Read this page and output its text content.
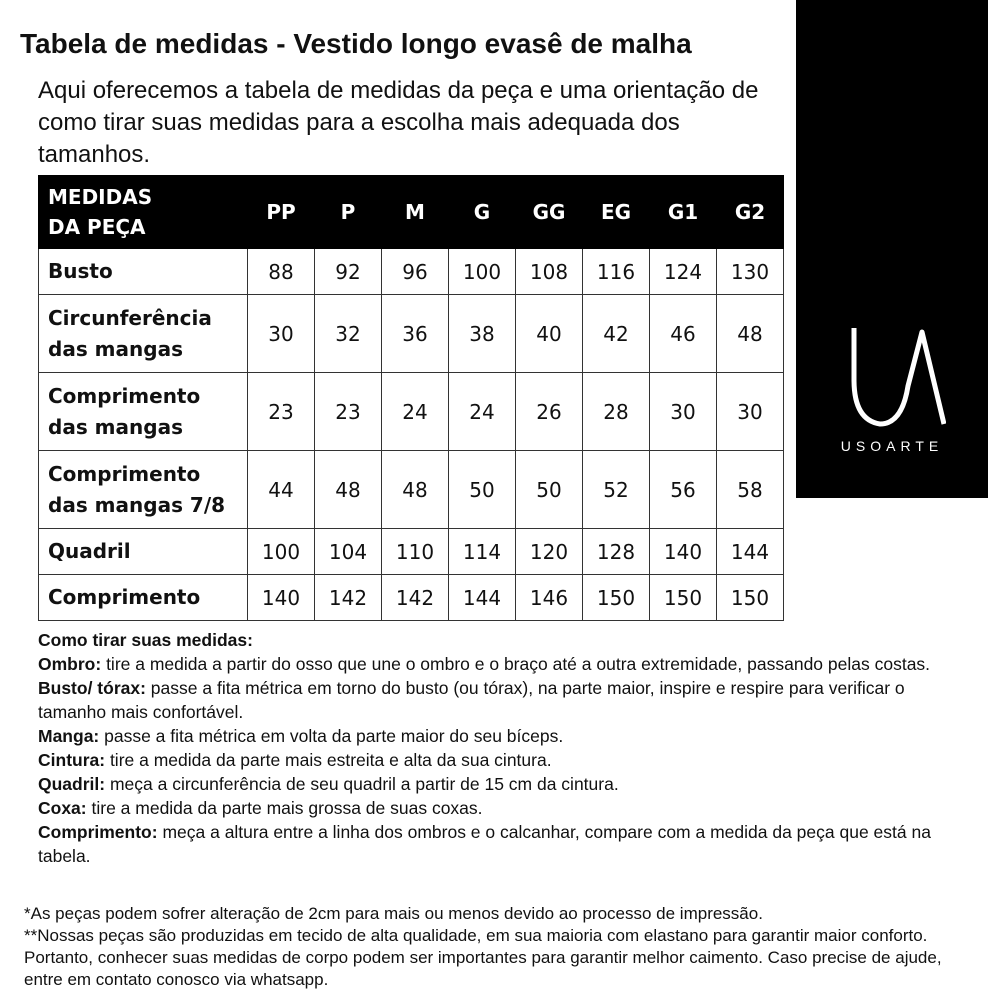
Tabela de medidas - Vestido longo evasê de malha
Aqui oferecemos a tabela de medidas da peça e uma orientação de como tirar suas medidas para a escolha mais adequada dos tamanhos.
USOARTE
MEDIDAS
DA PEÇA	PP	P	M	G	GG	EG	G1	G2
Busto	88	92	96	100	108	116	124	130
Circunferência
das mangas	30	32	36	38	40	42	46	48
Comprimento
das mangas	23	23	24	24	26	28	30	30
Comprimento
das mangas 7/8	44	48	48	50	50	52	56	58
Quadril	100	104	110	114	120	128	140	144
Comprimento	140	142	142	144	146	150	150	150

Como tirar suas medidas:

Ombro: tire a medida a partir do osso que une o ombro e o braço até a outra extremidade, passando pelas costas.

Busto/ tórax: passe a fita métrica em torno do busto (ou tórax), na parte maior, inspire e respire para verificar o tamanho mais confortável.

Manga: passe a fita métrica em volta da parte maior do seu bíceps.

Cintura: tire a medida da parte mais estreita e alta da sua cintura.

Quadril: meça a circunferência de seu quadril a partir de 15 cm da cintura.

Coxa: tire a medida da parte mais grossa de suas coxas.

Comprimento: meça a altura entre a linha dos ombros e o calcanhar, compare com a medida da peça que está na tabela.

*As peças podem sofrer alteração de 2cm para mais ou menos devido ao processo de impressão.

**Nossas peças são produzidas em tecido de alta qualidade, em sua maioria com elastano para garantir maior conforto. Portanto, conhecer suas medidas de corpo podem ser importantes para garantir melhor caimento. Caso precise de ajude, entre em contato conosco via whatsapp.
